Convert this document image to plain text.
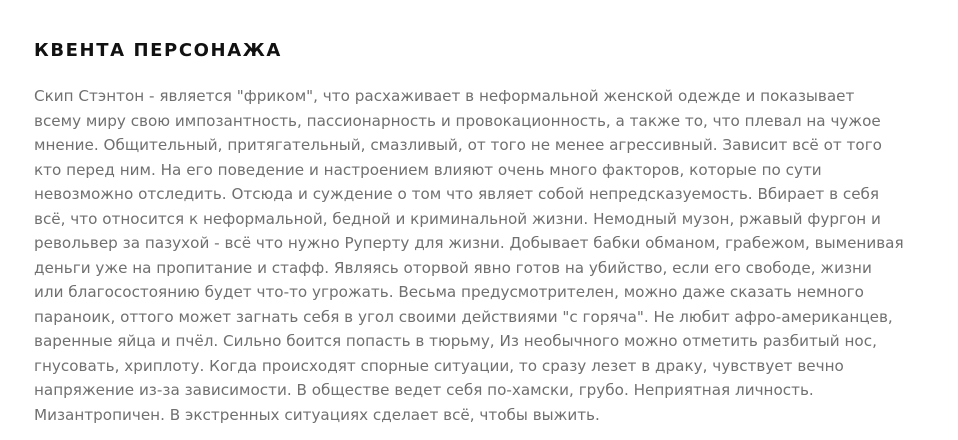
КВЕНТА ПЕРСОНАЖА

Скип Стэнтон - является "фриком", что расхаживает в неформальной женской одежде и показывает всему миру свою импозантность, пассионарность и провокационность, а также то, что плевал на чужое мнение. Общительный, притягательный, смазливый, от того не менее агрессивный. Зависит всё от того кто перед ним. На его поведение и настроением влияют очень много факторов, которые по сути невозможно отследить. Отсюда и суждение о том что являет собой непредсказуемость. Вбирает в себя всё, что относится к неформальной, бедной и криминальной жизни. Немодный музон, ржавый фургон и револьвер за пазухой - всё что нужно Руперту для жизни. Добывает бабки обманом, грабежом, выменивая деньги уже на пропитание и стафф. Являясь оторвой явно готов на убийство, если его свободе, жизни или благосостоянию будет что-то угрожать. Весьма предусмотрителен, можно даже сказать немного параноик, оттого может загнать себя в угол своими действиями "с горяча". Не любит афро-американцев, варенные яйца и пчёл. Сильно боится попасть в тюрьму, Из необычного можно отметить разбитый нос, гнусовать, хриплоту. Когда происходят спорные ситуации, то сразу лезет в драку, чувствует вечно напряжение из-за зависимости. В обществе ведет себя по-хамски, грубо. Неприятная личность. Мизантропичен. В экстренных ситуациях сделает всё, чтобы выжить.
